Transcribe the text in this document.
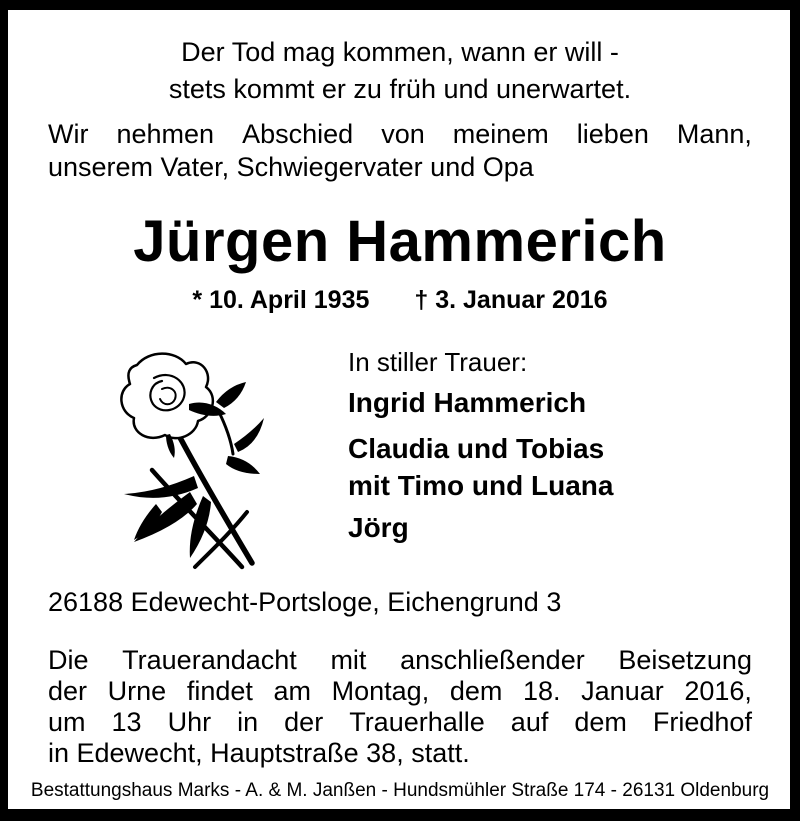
Der Tod mag kommen, wann er will -
stets kommt er zu früh und unerwartet.
Wir nehmen Abschied von meinem lieben Mann,
unserem Vater, Schwiegervater und Opa
Jürgen Hammerich
* 10. April 1935 † 3. Januar 2016
In stiller Trauer:
Ingrid Hammerich
Claudia und Tobias
mit Timo und Luana
Jörg
26188 Edewecht-Portsloge, Eichengrund 3
Die Trauerandacht mit anschließender Beisetzung
der Urne findet am Montag, dem 18. Januar 2016,
um 13 Uhr in der Trauerhalle auf dem Friedhof
in Edewecht, Hauptstraße 38, statt.
Bestattungshaus Marks - A. & M. Janßen - Hundsmühler Straße 174 - 26131 Oldenburg
